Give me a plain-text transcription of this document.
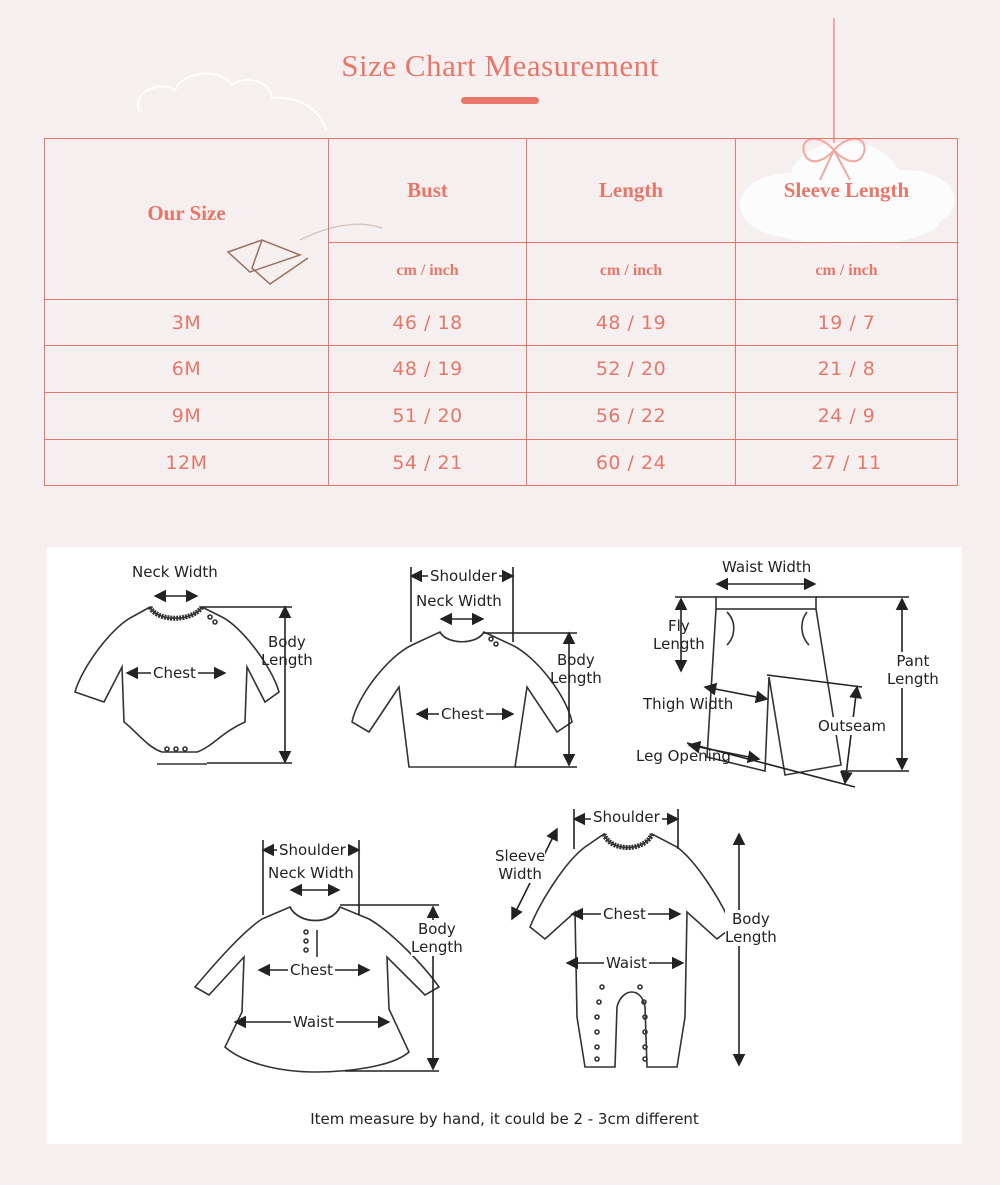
Size Chart Measurement
Our Size	Bust	Length	Sleeve Length
	cm / inch	cm / inch	cm / inch
3M	46 / 18	48 / 19	19 / 7
6M	48 / 19	52 / 20	21 / 8
9M	51 / 20	56 / 22	24 / 9
12M	54 / 21	60 / 24	27 / 11
Neck Width
Chest
Body
Length
Shoulder
Neck Width
Chest
Body
Length
Waist Width
Fly
Length
Thigh Width
Leg Opening
Outseam
Pant
Length
Shoulder
Neck Width
Chest
Waist
Body
Length
Shoulder
Sleeve
Width
Chest
Waist
Body
Length
Item measure by hand, it could be 2 - 3cm different
